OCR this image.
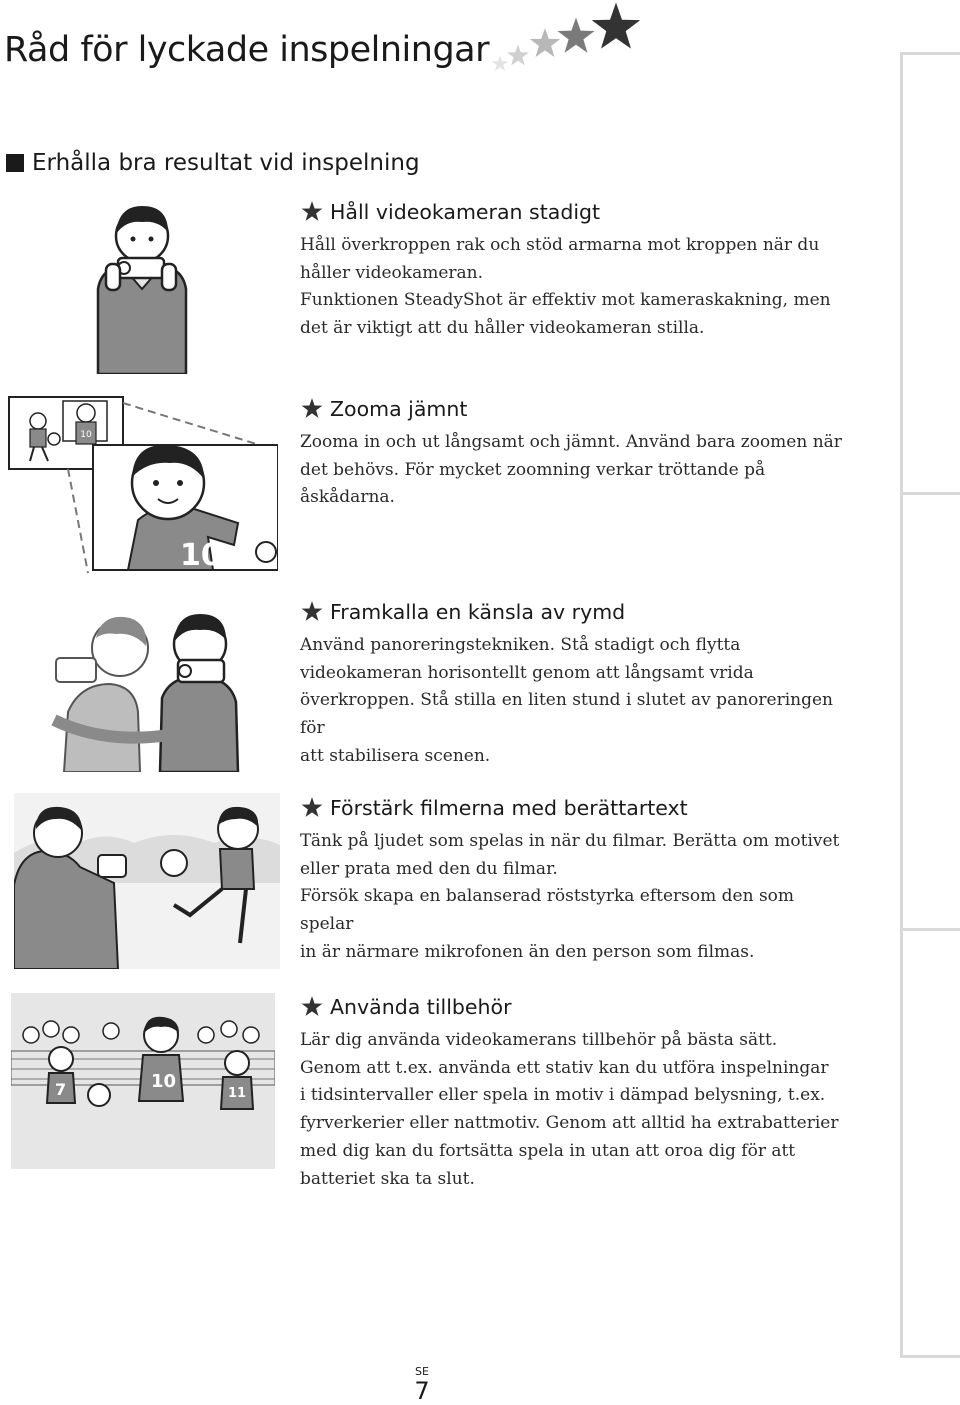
Råd för lyckade inspelningar
Erhålla bra resultat vid inspelning
Håll videokameran stadigt

Håll överkroppen rak och stöd armarna mot kroppen när du

håller videokameran.

Funktionen SteadyShot är effektiv mot kameraskakning, men

det är viktigt att du håller videokameran stilla.

Zooma jämnt

Zooma in och ut långsamt och jämnt. Använd bara zoomen när

det behövs. För mycket zoomning verkar tröttande på åskådarna.

Framkalla en känsla av rymd

Använd panoreringstekniken. Stå stadigt och flytta

videokameran horisontellt genom att långsamt vrida

överkroppen. Stå stilla en liten stund i slutet av panoreringen för

att stabilisera scenen.

Förstärk filmerna med berättartext

Tänk på ljudet som spelas in när du filmar. Berätta om motivet

eller prata med den du filmar.

Försök skapa en balanserad röststyrka eftersom den som spelar

in är närmare mikrofonen än den person som filmas.

Använda tillbehör

Lär dig använda videokamerans tillbehör på bästa sätt.

Genom att t.ex. använda ett stativ kan du utföra inspelningar

i tidsintervaller eller spela in motiv i dämpad belysning, t.ex.

fyrverkerier eller nattmotiv. Genom att alltid ha extrabatterier

med dig kan du fortsätta spela in utan att oroa dig för att

batteriet ska ta slut.

10
10
7	10
11
SE
7
